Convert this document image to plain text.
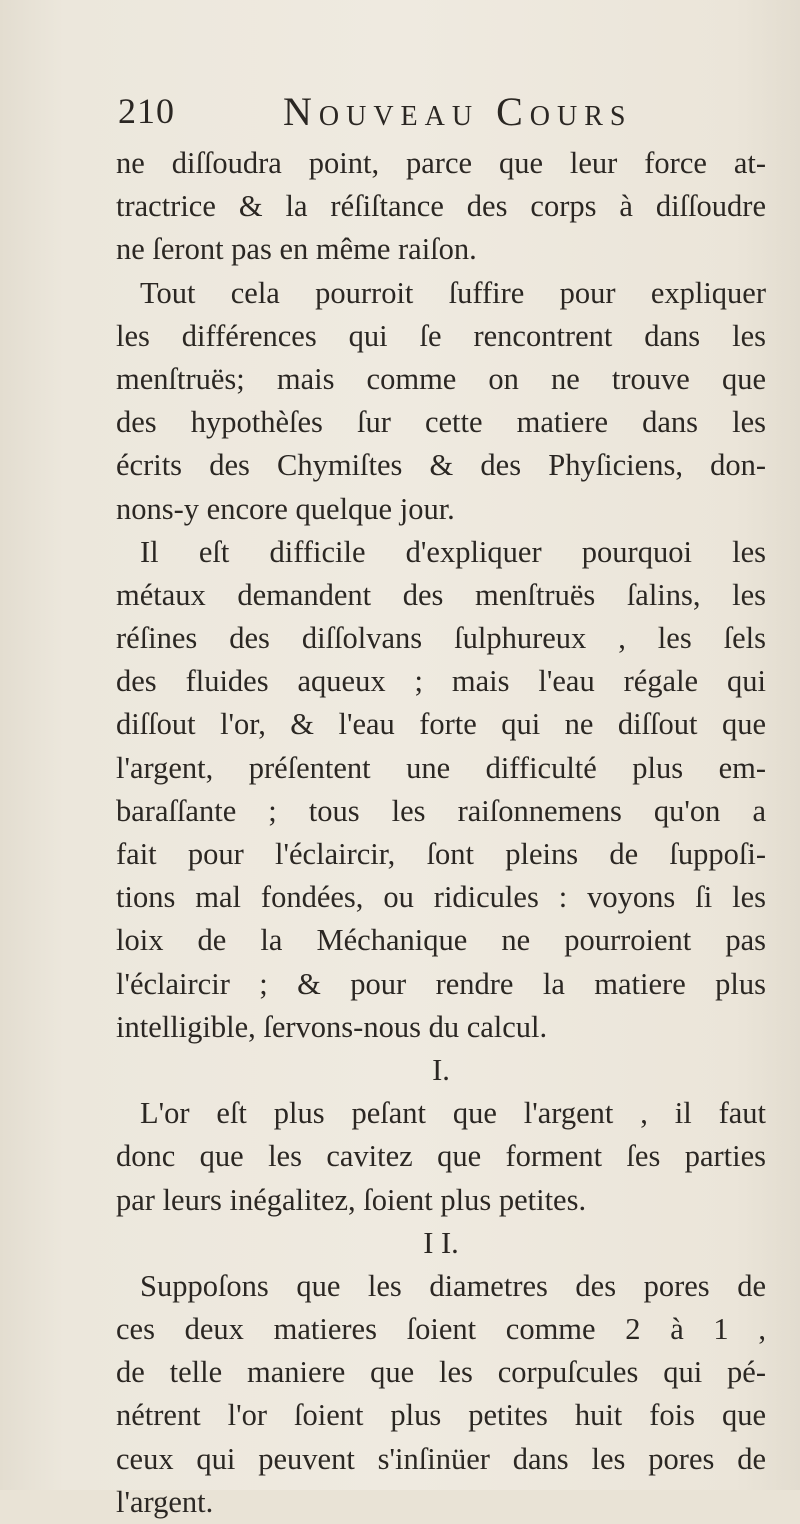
210	Nouveau Cours
ne diſſoudra point, parce que leur force at-
tractrice & la réſiſtance des corps à diſſoudre
ne ſeront pas en même raiſon.
Tout cela pourroit ſuffire pour expliquer
les différences qui ſe rencontrent dans les
menſtruës; mais comme on ne trouve que
des hypothèſes ſur cette matiere dans les
écrits des Chymiſtes & des Phyſiciens, don-
nons-y encore quelque jour.
Il eſt difficile d'expliquer pourquoi les
métaux demandent des menſtruës ſalins, les
réſines des diſſolvans ſulphureux , les ſels
des fluides aqueux ; mais l'eau régale qui
diſſout l'or, & l'eau forte qui ne diſſout que
l'argent, préſentent une difficulté plus em-
baraſſante ; tous les raiſonnemens qu'on a
fait pour l'éclaircir, ſont pleins de ſuppoſi-
tions mal fondées, ou ridicules : voyons ſi les
loix de la Méchanique ne pourroient pas
l'éclaircir ; & pour rendre la matiere plus
intelligible, ſervons-nous du calcul.
I.
L'or eſt plus peſant que l'argent , il faut
donc que les cavitez que forment ſes parties
par leurs inégalitez, ſoient plus petites.
I I.
Suppoſons que les diametres des pores de
ces deux matieres ſoient comme 2 à 1 ,
de telle maniere que les corpuſcules qui pé-
nétrent l'or ſoient plus petites huit fois que
ceux qui peuvent s'inſinüer dans les pores de
l'argent.
